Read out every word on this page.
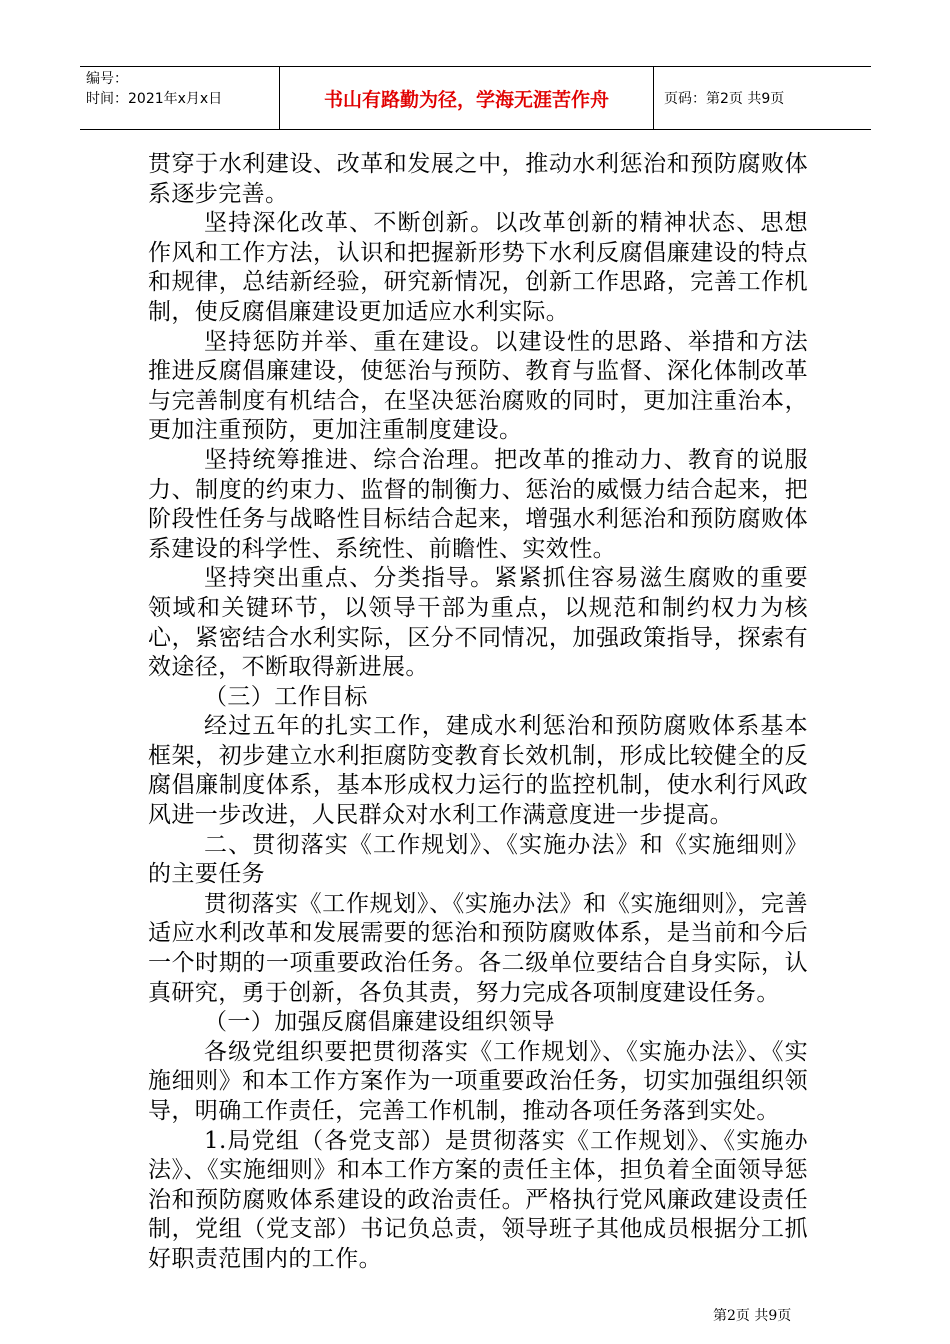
编号：
时间：2021年x月x日	书山有路勤为径，学海无涯苦作舟	页码：第2页 共9页

贯穿于水利建设、改革和发展之中，推动水利惩治和预防腐败体系逐步完善。

坚持深化改革、不断创新。以改革创新的精神状态、思想作风和工作方法，认识和把握新形势下水利反腐倡廉建设的特点和规律，总结新经验，研究新情况，创新工作思路，完善工作机制，使反腐倡廉建设更加适应水利实际。

坚持惩防并举、重在建设。以建设性的思路、举措和方法推进反腐倡廉建设，使惩治与预防、教育与监督、深化体制改革与完善制度有机结合，在坚决惩治腐败的同时，更加注重治本，更加注重预防，更加注重制度建设。

坚持统筹推进、综合治理。把改革的推动力、教育的说服力、制度的约束力、监督的制衡力、惩治的威慑力结合起来，把阶段性任务与战略性目标结合起来，增强水利惩治和预防腐败体系建设的科学性、系统性、前瞻性、实效性。

坚持突出重点、分类指导。紧紧抓住容易滋生腐败的重要领域和关键环节，以领导干部为重点，以规范和制约权力为核心，紧密结合水利实际，区分不同情况，加强政策指导，探索有效途径，不断取得新进展。

（三）工作目标

经过五年的扎实工作，建成水利惩治和预防腐败体系基本框架，初步建立水利拒腐防变教育长效机制，形成比较健全的反腐倡廉制度体系，基本形成权力运行的监控机制，使水利行风政风进一步改进，人民群众对水利工作满意度进一步提高。

二、贯彻落实《工作规划》、《实施办法》和《实施细则》的主要任务

贯彻落实《工作规划》、《实施办法》和《实施细则》，完善适应水利改革和发展需要的惩治和预防腐败体系，是当前和今后一个时期的一项重要政治任务。各二级单位要结合自身实际，认真研究，勇于创新，各负其责，努力完成各项制度建设任务。

（一）加强反腐倡廉建设组织领导

各级党组织要把贯彻落实《工作规划》、《实施办法》、《实施细则》和本工作方案作为一项重要政治任务，切实加强组织领导，明确工作责任，完善工作机制，推动各项任务落到实处。

1.局党组（各党支部）是贯彻落实《工作规划》、《实施办法》、《实施细则》和本工作方案的责任主体，担负着全面领导惩治和预防腐败体系建设的政治责任。严格执行党风廉政建设责任制，党组（党支部）书记负总责，领导班子其他成员根据分工抓好职责范围内的工作。

第2页 共9页
